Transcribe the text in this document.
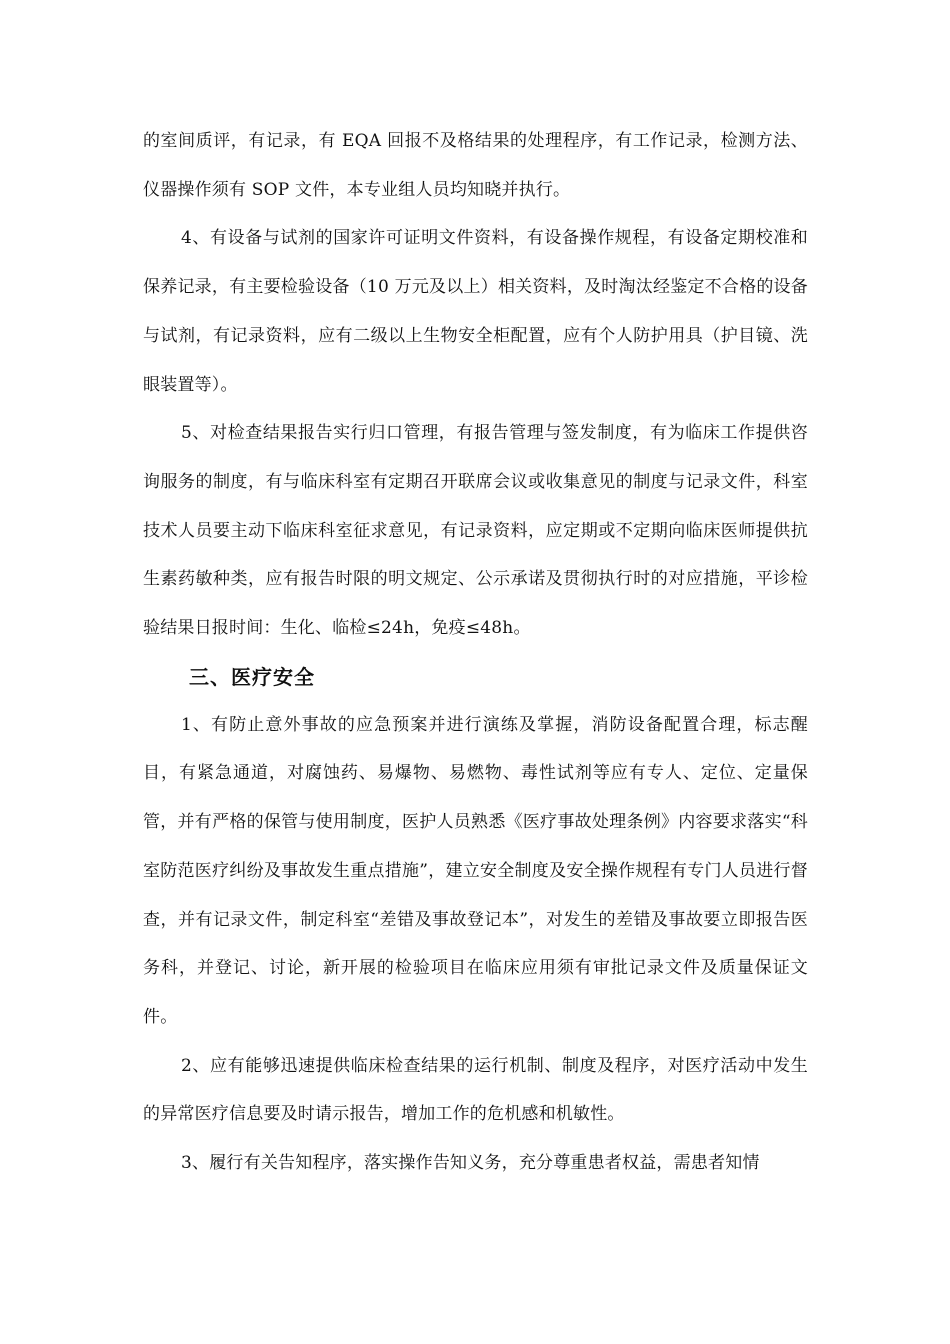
的室间质评，有记录，有 EQA 回报不及格结果的处理程序，有工作记录，检测方法、仪器操作须有 SOP 文件，本专业组人员均知晓并执行。

4、有设备与试剂的国家许可证明文件资料，有设备操作规程，有设备定期校准和保养记录，有主要检验设备（10 万元及以上）相关资料，及时淘汰经鉴定不合格的设备与试剂，有记录资料，应有二级以上生物安全柜配置，应有个人防护用具（护目镜、洗眼装置等）。

5、对检查结果报告实行归口管理，有报告管理与签发制度，有为临床工作提供咨询服务的制度，有与临床科室有定期召开联席会议或收集意见的制度与记录文件，科室技术人员要主动下临床科室征求意见，有记录资料，应定期或不定期向临床医师提供抗生素药敏种类，应有报告时限的明文规定、公示承诺及贯彻执行时的对应措施，平诊检验结果日报时间：生化、临检≤24h，免疫≤48h。

三、医疗安全

1、有防止意外事故的应急预案并进行演练及掌握，消防设备配置合理，标志醒目，有紧急通道，对腐蚀药、易爆物、易燃物、毒性试剂等应有专人、定位、定量保管，并有严格的保管与使用制度，医护人员熟悉《医疗事故处理条例》内容要求落实“科室防范医疗纠纷及事故发生重点措施”，建立安全制度及安全操作规程有专门人员进行督查，并有记录文件，制定科室“差错及事故登记本”，对发生的差错及事故要立即报告医务科，并登记、讨论，新开展的检验项目在临床应用须有审批记录文件及质量保证文件。

2、应有能够迅速提供临床检查结果的运行机制、制度及程序，对医疗活动中发生的异常医疗信息要及时请示报告，增加工作的危机感和机敏性。

3、履行有关告知程序，落实操作告知义务，充分尊重患者权益，需患者知情
